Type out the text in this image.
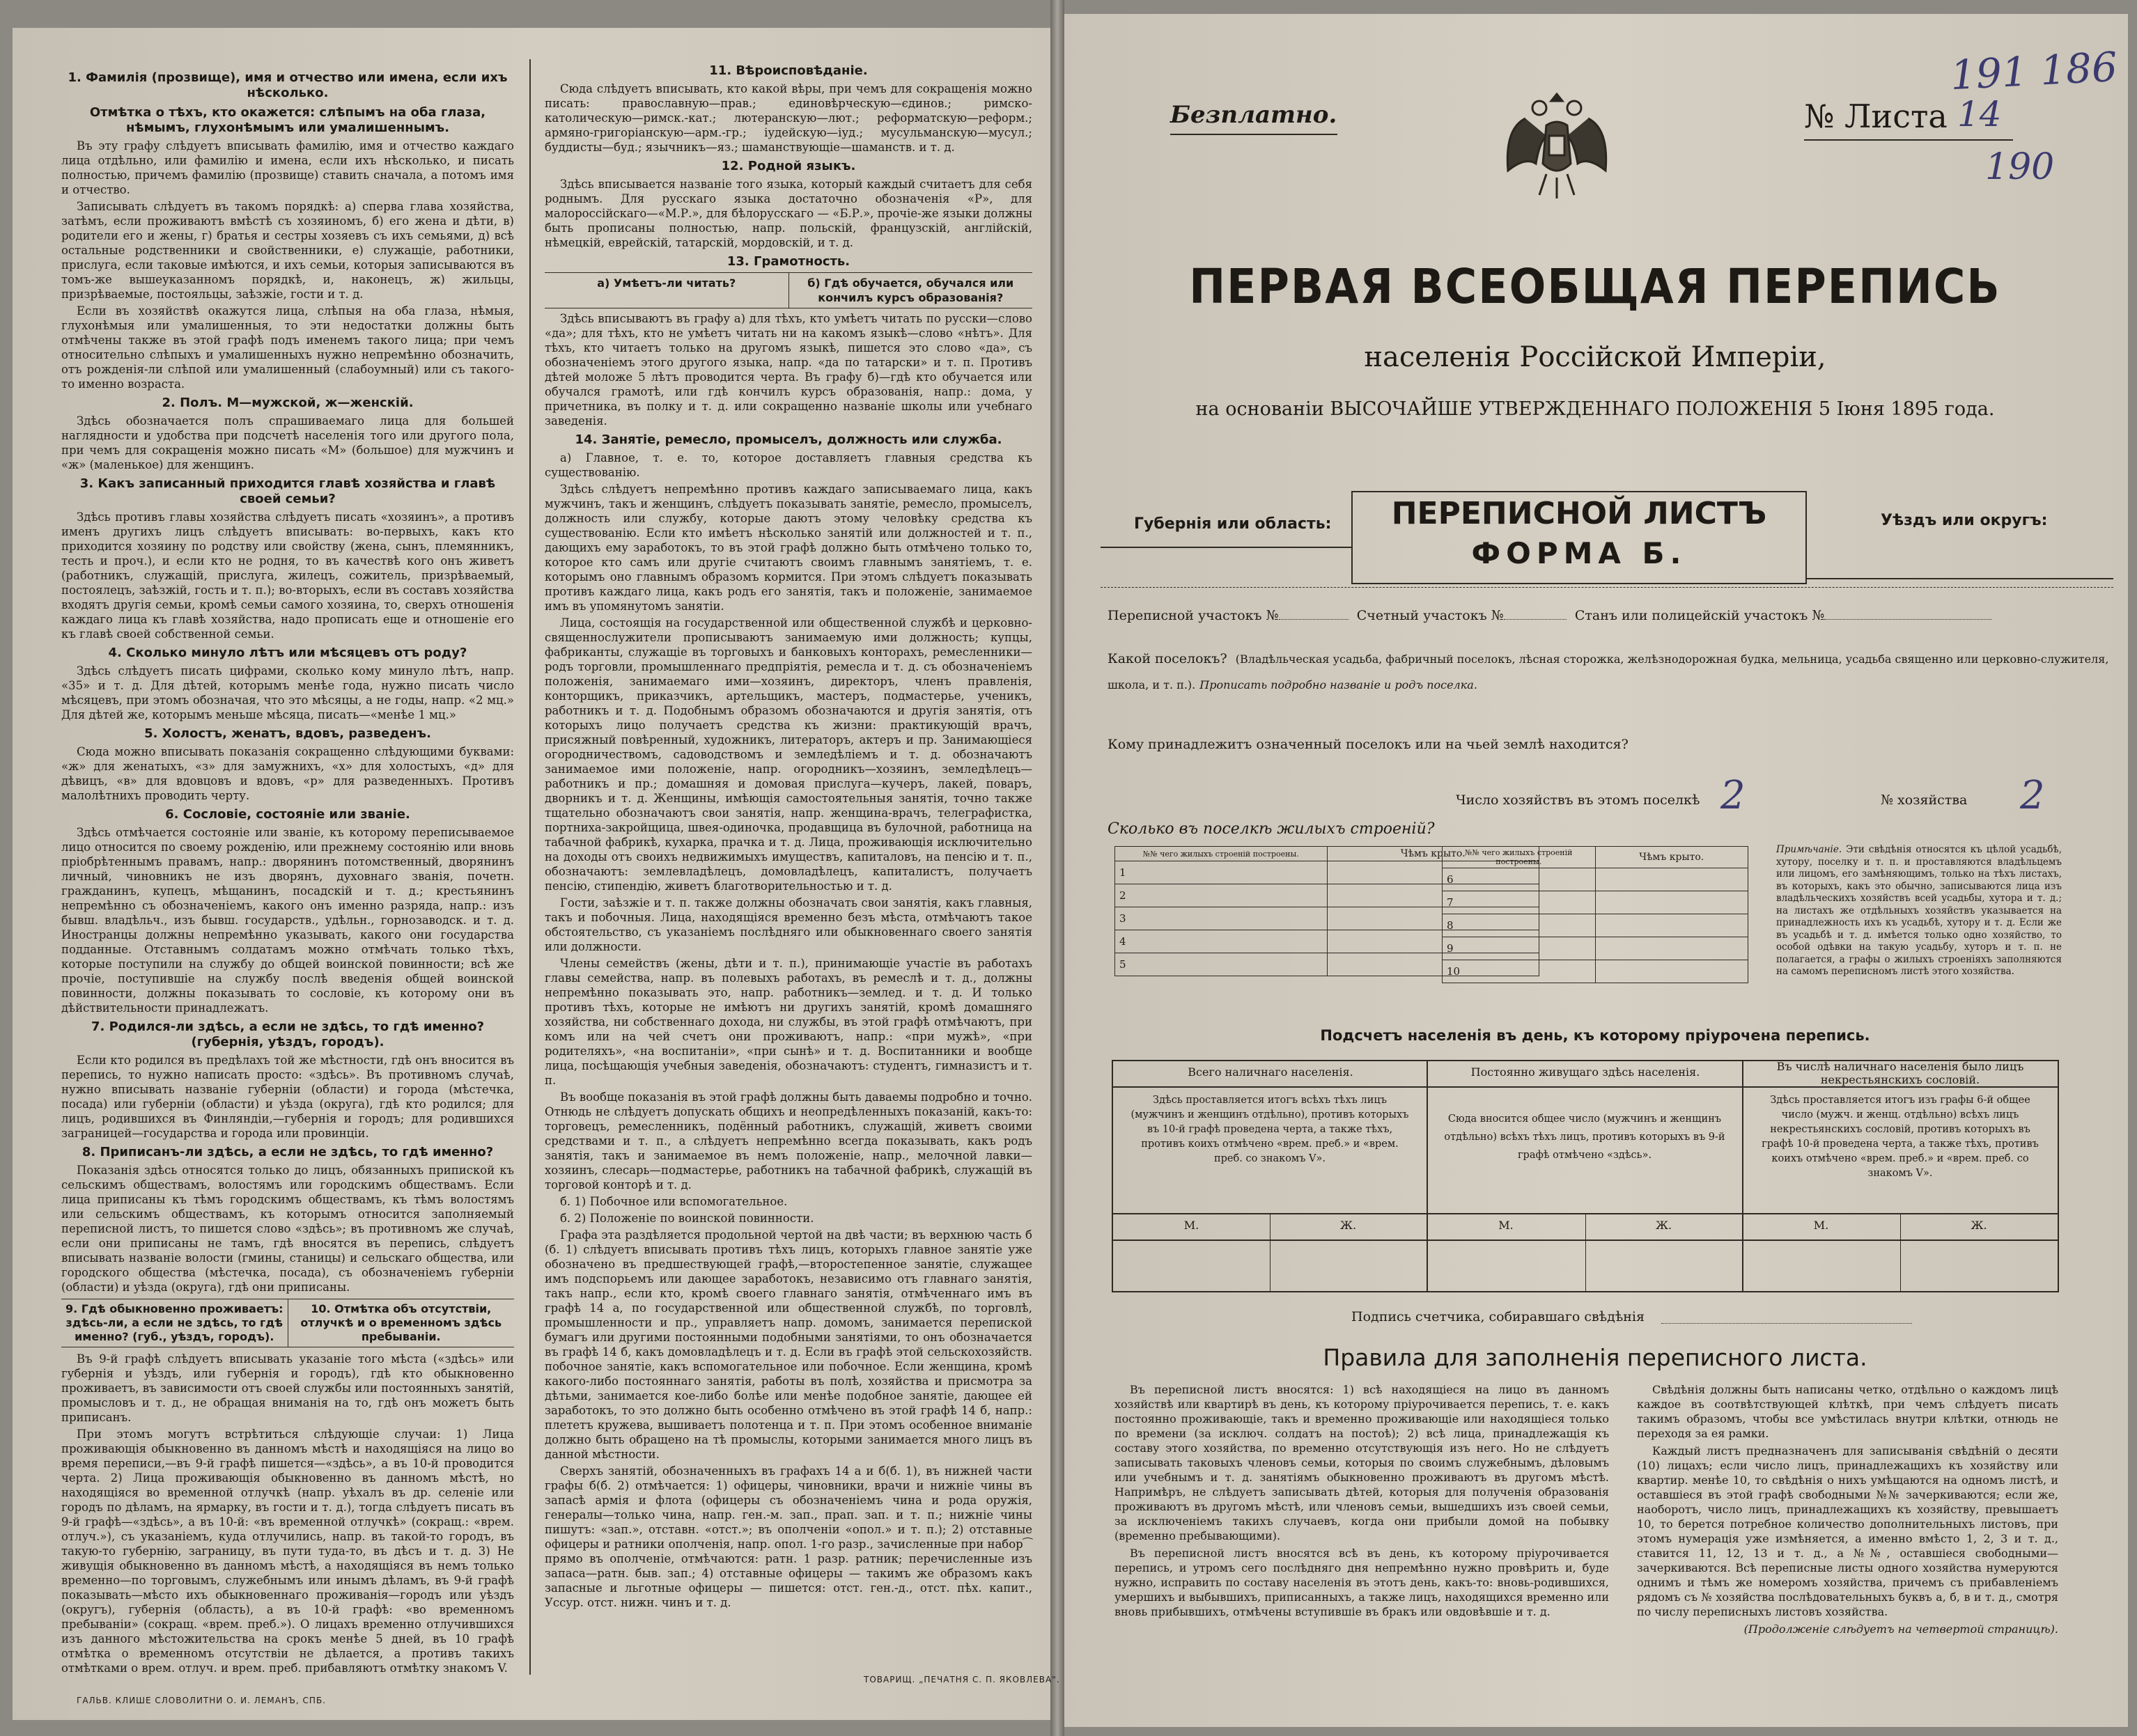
1. Фамилія (прозвище), имя и отчество или имена, если ихъ нѣсколько.
Отмѣтка о тѣхъ, кто окажется: слѣпымъ на оба глаза, нѣмымъ, глухонѣмымъ или умалишеннымъ.

Въ эту графу слѣдуетъ вписывать фамилію, имя и отчество каждаго лица отдѣльно, или фамилію и имена, если ихъ нѣсколько, и писать полностью, причемъ фамилію (прозвище) ставить сначала, а потомъ имя и отчество.

Записывать слѣдуетъ въ такомъ порядкѣ: а) сперва глава хозяйства, затѣмъ, если проживаютъ вмѣстѣ съ хозяиномъ, б) его жена и дѣти, в) родители его и жены, г) братья и сестры хозяевъ съ ихъ семьями, д) всѣ остальные родственники и свойственники, е) служащіе, работники, прислуга, если таковые имѣются, и ихъ семьи, которыя записываются въ томъ-же вышеуказанномъ порядкѣ, и, наконецъ, ж) жильцы, призрѣваемые, постояльцы, заѣзжіе, гости и т. д.

Если въ хозяйствѣ окажутся лица, слѣпыя на оба глаза, нѣмыя, глухонѣмыя или умалишенныя, то эти недостатки должны быть отмѣчены также въ этой графѣ подъ именемъ такого лица; при чемъ относительно слѣпыхъ и умалишенныхъ нужно непремѣнно обозначить, отъ рожденія-ли слѣпой или умалишенный (слабоумный) или съ такого-то именно возраста.

2. Полъ. М—мужской, ж—женскій.

Здѣсь обозначается полъ спрашиваемаго лица для большей наглядности и удобства при подсчетѣ населенія того или другого пола, при чемъ для сокращенія можно писать «М» (большое) для мужчинъ и «ж» (маленькое) для женщинъ.

3. Какъ записанный приходится главѣ хозяйства и главѣ своей семьи?

Здѣсь противъ главы хозяйства слѣдуетъ писать «хозяинъ», а противъ именъ другихъ лицъ слѣдуетъ вписывать: во-первыхъ, какъ кто приходится хозяину по родству или свойству (жена, сынъ, племянникъ, тесть и проч.), и если кто не родня, то въ качествѣ кого онъ живетъ (работникъ, служащій, прислуга, жилецъ, сожитель, призрѣваемый, постоялецъ, заѣзжій, гость и т. п.); во-вторыхъ, если въ составъ хозяйства входятъ другія семьи, кромѣ семьи самого хозяина, то, сверхъ отношенія каждаго лица къ главѣ хозяйства, надо прописать еще и отношеніе его къ главѣ своей собственной семьи.

4. Сколько минуло лѣтъ или мѣсяцевъ отъ роду?

Здѣсь слѣдуетъ писать цифрами, сколько кому минуло лѣтъ, напр. «35» и т. д. Для дѣтей, которымъ менѣе года, нужно писать число мѣсяцевъ, при этомъ обозначая, что это мѣсяцы, а не годы, напр. «2 мц.» Для дѣтей же, которымъ меньше мѣсяца, писать—«менѣе 1 мц.»

5. Холостъ, женатъ, вдовъ, разведенъ.

Сюда можно вписывать показанія сокращенно слѣдующими буквами: «ж» для женатыхъ, «з» для замужнихъ, «х» для холостыхъ, «д» для дѣвицъ, «в» для вдовцовъ и вдовъ, «р» для разведенныхъ. Противъ малолѣтнихъ проводить черту.

6. Сословіе, состояніе или званіе.

Здѣсь отмѣчается состояніе или званіе, къ которому переписываемое лицо относится по своему рожденію, или прежнему состоянію или вновь пріобрѣтеннымъ правамъ, напр.: дворянинъ потомственный, дворянинъ личный, чиновникъ не изъ дворянъ, духовнаго званія, почетн. гражданинъ, купецъ, мѣщанинъ, посадскій и т. д.; крестьянинъ непремѣнно съ обозначеніемъ, какого онъ именно разряда, напр.: изъ бывш. владѣльч., изъ бывш. государств., удѣльн., горнозаводск. и т. д. Иностранцы должны непремѣнно указывать, какого они государства подданные. Отставнымъ солдатамъ можно отмѣчать только тѣхъ, которые поступили на службу до общей воинской повинности; всѣ же прочіе, поступившіе на службу послѣ введенія общей воинской повинности, должны показывать то сословіе, къ которому они въ дѣйствительности принадлежатъ.

7. Родился-ли здѣсь, а если не здѣсь, то гдѣ именно? (губернія, уѣздъ, городъ).

Если кто родился въ предѣлахъ той же мѣстности, гдѣ онъ вносится въ перепись, то нужно написать просто: «здѣсь». Въ противномъ случаѣ, нужно вписывать названіе губерніи (области) и города (мѣстечка, посада) или губерніи (области) и уѣзда (округа), гдѣ кто родился; для лицъ, родившихся въ Финляндіи,—губернія и городъ; для родившихся заграницей—государства и города или провинціи.

8. Приписанъ-ли здѣсь, а если не здѣсь, то гдѣ именно?

Показанія здѣсь относятся только до лицъ, обязанныхъ припиской къ сельскимъ обществамъ, волостямъ или городскимъ обществамъ. Если лица приписаны къ тѣмъ городскимъ обществамъ, къ тѣмъ волостямъ или сельскимъ обществамъ, къ которымъ относится заполняемый переписной листъ, то пишется слово «здѣсь»; въ противномъ же случаѣ, если они приписаны не тамъ, гдѣ вносятся въ перепись, слѣдуетъ вписывать названіе волости (гмины, станицы) и сельскаго общества, или городского общества (мѣстечка, посада), съ обозначеніемъ губерніи (области) и уѣзда (округа), гдѣ они приписаны.

9. Гдѣ обыкновенно проживаетъ: здѣсь-ли, а если не здѣсь, то гдѣ именно? (губ., уѣздъ, городъ).
10. Отмѣтка объ отсутствіи, отлучкѣ и о временномъ здѣсь пребываніи.

Въ 9-й графѣ слѣдуетъ вписывать указаніе того мѣста («здѣсь» или губернія и уѣздъ, или губернія и городъ), гдѣ кто обыкновенно проживаетъ, въ зависимости отъ своей службы или постоянныхъ занятій, промысловъ и т. д., не обращая вниманія на то, гдѣ онъ можетъ быть приписанъ.

При этомъ могутъ встрѣтиться слѣдующіе случаи: 1) Лица проживающія обыкновенно въ данномъ мѣстѣ и находящіяся на лицо во время переписи,—въ 9-й графѣ пишется—«здѣсь», а въ 10-й проводится черта. 2) Лица проживающія обыкновенно въ данномъ мѣстѣ, но находящіяся во временной отлучкѣ (напр. уѣхалъ въ др. селеніе или городъ по дѣламъ, на ярмарку, въ гости и т. д.), тогда слѣдуетъ писать въ 9-й графѣ—«здѣсь», а въ 10-й: «въ временной отлучкѣ» (сокращ.: «врем. отлуч.»), съ указаніемъ, куда отлучились, напр. въ такой-то городъ, въ такую-то губернію, заграницу, въ пути туда-то, въ дѣсъ и т. д. 3) Не живущія обыкновенно въ данномъ мѣстѣ, а находящіяся въ немъ только временно—по торговымъ, служебнымъ или инымъ дѣламъ, въ 9-й графѣ показывать—мѣсто ихъ обыкновеннаго проживанія—городъ или уѣздъ (округъ), губернія (область), а въ 10-й графѣ: «во временномъ пребываніи» (сокращ. «врем. преб.»). О лицахъ временно отлучившихся изъ данного мѣстожительства на срокъ менѣе 5 дней, въ 10 графѣ отмѣтка о временномъ отсутствіи не дѣлается, а противъ такихъ отмѣтками о врем. отлуч. и врем. преб. прибавляютъ отмѣтку знакомъ V.

11. Вѣроисповѣданіе.

Сюда слѣдуетъ вписывать, кто какой вѣры, при чемъ для сокращенія можно писать: православную—прав.; единовѣрческую—єдинов.; римско-католическую—римск.-кат.; лютеранскую—лют.; реформатскую—реформ.; армяно-григоріанскую—арм.-гр.; іудейскую—іуд.; мусульманскую—мусул.; буддисты—буд.; язычникъ—яз.; шаманствующіе—шаманств. и т. д.

12. Родной языкъ.

Здѣсь вписывается названіе того языка, который каждый считаетъ для себя роднымъ. Для русскаго языка достаточно обозначенія «Р», для малороссійскаго—«М.Р.», для бѣлорусскаго — «Б.Р.», прочіе-же языки должны быть прописаны полностью, напр. польскій, французскій, англійскій, нѣмецкій, еврейскій, татарскій, мордовскій, и т. д.

13. Грамотность.
а) Умѣетъ-ли читать?	б) Гдѣ обучается, обучался или кончилъ курсъ образованія?

Здѣсь вписываютъ въ графу а) для тѣхъ, кто умѣетъ читать по русски—слово «да»; для тѣхъ, кто не умѣетъ читать ни на какомъ языкѣ—слово «нѣтъ». Для тѣхъ, кто читаетъ только на другомъ языкѣ, пишется это слово «да», съ обозначеніемъ этого другого языка, напр. «да по татарски» и т. п. Противъ дѣтей моложе 5 лѣтъ проводится черта. Въ графу б)—гдѣ кто обучается или обучался грамотѣ, или гдѣ кончилъ курсъ образованія, напр.: дома, у причетника, въ полку и т. д. или сокращенно названіе школы или учебнаго заведенія.

14. Занятіе, ремесло, промыселъ, должность или служба.

а) Главное, т. е. то, которое доставляетъ главныя средства къ существованію.

Здѣсь слѣдуетъ непремѣнно противъ каждаго записываемаго лица, какъ мужчинъ, такъ и женщинъ, слѣдуетъ показывать занятіе, ремесло, промыселъ, должность или службу, которые даютъ этому человѣку средства къ существованію. Если кто имѣетъ нѣсколько занятій или должностей и т. п., дающихъ ему заработокъ, то въ этой графѣ должно быть отмѣчено только то, которое кто самъ или другіе считаютъ своимъ главнымъ занятіемъ, т. е. которымъ оно главнымъ образомъ кормится. При этомъ слѣдуетъ показывать противъ каждаго лица, какъ родъ его занятія, такъ и положеніе, занимаемое имъ въ упомянутомъ занятіи.

Лица, состоящія на государственной или общественной службѣ и церковно-священнослужители прописываютъ занимаемую ими должность; купцы, фабриканты, служащіе въ торговыхъ и банковыхъ конторахъ, ремесленники—родъ торговли, промышленнаго предпріятія, ремесла и т. д. съ обозначеніемъ положенія, занимаемаго ими—хозяинъ, директоръ, членъ правленія, конторщикъ, приказчикъ, артельщикъ, мастеръ, подмастерье, ученикъ, работникъ и т. д. Подобнымъ образомъ обозначаются и другія занятія, отъ которыхъ лицо получаетъ средства къ жизни: практикующій врачъ, присяжный повѣренный, художникъ, литераторъ, актеръ и пр. Занимающіеся огородничествомъ, садоводствомъ и земледѣліемъ и т. д. обозначаютъ занимаемое ими положеніе, напр. огородникъ—хозяинъ, земледѣлецъ—работникъ и пр.; домашняя и домовая прислуга—кучеръ, лакей, поваръ, дворникъ и т. д. Женщины, имѣющія самостоятельныя занятія, точно также тщательно обозначаютъ свои занятія, напр. женщина-врачъ, телеграфистка, портниха-закройщица, швея-одиночка, продавщица въ булочной, работница на табачной фабрикѣ, кухарка, прачка и т. д. Лица, проживающія исключительно на доходы отъ своихъ недвижимыхъ имуществъ, капиталовъ, на пенсію и т. п., обозначаютъ: землевладѣлецъ, домовладѣлецъ, капиталистъ, получаетъ пенсію, стипендію, живетъ благотворительностью и т. д.

Гости, заѣзжіе и т. п. также должны обозначать свои занятія, какъ главныя, такъ и побочныя. Лица, находящіяся временно безъ мѣста, отмѣчаютъ такое обстоятельство, съ указаніемъ послѣдняго или обыкновеннаго своего занятія или должности.

Члены семействъ (жены, дѣти и т. п.), принимающіе участіе въ работахъ главы семейства, напр. въ полевыхъ работахъ, въ ремеслѣ и т. д., должны непремѣнно показывать это, напр. работникъ—землед. и т. д. И только противъ тѣхъ, которые не имѣютъ ни другихъ занятій, кромѣ домашняго хозяйства, ни собственнаго дохода, ни службы, въ этой графѣ отмѣчаютъ, при комъ или на чей счетъ они проживаютъ, напр.: «при мужѣ», «при родителяхъ», «на воспитаніи», «при сынѣ» и т. д. Воспитанники и вообще лица, посѣщающія учебныя заведенія, обозначаютъ: студентъ, гимназистъ и т. п.

Въ вообще показанія въ этой графѣ должны быть даваемы подробно и точно. Отнюдь не слѣдуетъ допускать общихъ и неопредѣленныхъ показаній, какъ-то: торговецъ, ремесленникъ, подённый работникъ, служащій, живетъ своими средствами и т. п., а слѣдуетъ непремѣнно всегда показывать, какъ родъ занятія, такъ и занимаемое въ немъ положеніе, напр., мелочной лавки—хозяинъ, слесарь—подмастерье, работникъ на табачной фабрикѣ, служащій въ торговой конторѣ и т. д.

б. 1) Побочное или вспомогательное.

б. 2) Положеніе по воинской повинности.

Графа эта раздѣляется продольной чертой на двѣ части; въ верхнюю часть б (б. 1) слѣдуетъ вписывать противъ тѣхъ лицъ, которыхъ главное занятіе уже обозначено въ предшествующей графѣ,—второстепенное занятіе, служащее имъ подспорьемъ или дающее заработокъ, независимо отъ главнаго занятія, такъ напр., если кто, кромѣ своего главнаго занятія, отмѣченнаго имъ въ графѣ 14 а, по государственной или общественной службѣ, по торговлѣ, промышленности и пр., управляетъ напр. домомъ, занимается перепиской бумагъ или другими постоянными подобными занятіями, то онъ обозначается въ графѣ 14 б, какъ домовладѣлецъ и т. д. Если въ графѣ этой сельскохозяйств. побочное занятіе, какъ вспомогательное или побочное. Если женщина, кромѣ какого-либо постояннаго занятія, работы въ полѣ, хозяйства и присмотра за дѣтьми, занимается кое-либо болѣе или менѣе подобное занятіе, дающее ей заработокъ, то это должно быть особенно отмѣчено въ этой графѣ 14 б, напр.: плететъ кружева, вышиваетъ полотенца и т. п. При этомъ особенное вниманіе должно быть обращено на тѣ промыслы, которыми занимается много лицъ въ данной мѣстности.

Сверхъ занятій, обозначенныхъ въ графахъ 14 а и б(б. 1), въ нижней части графы б(б. 2) отмѣчается: 1) офицеры, чиновники, врачи и нижніе чины въ запасѣ армія и флота (офицеры съ обозначеніемъ чина и рода оружія, генералы—только чина, напр. ген.-м. зап., прап. зап. и т. п.; нижніе чины пишутъ: «зап.», отставн. «отст.»; въ ополченіи «опол.» и т. п.); 2) отставные офицеры и ратники ополченія, напр. опол. 1-го разр., зачисленные при набор⁀ прямо въ ополченіе, отмѣчаются: ратн. 1 разр. ратник; перечисленные изъ запаса—ратн. быв. зап.; 4) отставные офицеры — такимъ же образомъ какъ запасные и льготные офицеры — пишется: отст. ген.-д., отст. пѣх. капит., Уссур. отст. нижн. чинъ и т. д.

ГАЛЬВ. КЛИШЕ СЛОВОЛИТНИ О. И. ЛЕМАНЪ, СПБ.
ТОВАРИЩ. „ПЕЧАТНЯ С. П. ЯКОВЛЕВА".
191 186
Безплатно.	№ Листа 14
190
ПЕРВАЯ ВСЕОБЩАЯ ПЕРЕПИСЬ
населенія Россійской Имперіи,
на основаніи ВЫСОЧАЙШЕ УТВЕРЖДЕННАГО ПОЛОЖЕНІЯ 5 Іюня 1895 года.
Губернія или область:	ПЕРЕПИСНОЙ ЛИСТЪ
ФОРМА Б.
Уѣздъ или округъ:
Переписной участокъ №	Счетный участокъ №	Станъ или полицейскій участокъ №
Какой поселокъ? (Владѣльческая усадьба, фабричный поселокъ, лѣсная сторожка, желѣзнодорожная будка, мельница, усадьба священно или церковно-служителя, школа, и т. п.). Прописать подробно названіе и родъ поселка.
Кому принадлежитъ означенный поселокъ или на чьей землѣ находится?
Число хозяйствъ въ этомъ поселкѣ 2	№ хозяйства 2
Сколько въ поселкѣ жилыхъ строеній?
№№ чего жилыхъ строеній построены.	Чѣмъ крыто.
1	
2	
3	
4	
5	
№№ чего жилыхъ строеній построены.	Чѣмъ крыто.
6	
7	
8	
9	
10	
Примѣчаніе. Эти свѣдѣнія относятся къ цѣлой усадьбѣ, хутору, поселку и т. п. и проставляются владѣльцемъ или лицомъ, его замѣняющимъ, только на тѣхъ листахъ, въ которыхъ, какъ это обычно, записываются лица изъ владѣльческихъ хозяйствъ всей усадьбы, хутора и т. д.; на листахъ же отдѣльныхъ хозяйствъ указывается на принадлежность ихъ къ усадьбѣ, хутору и т. д. Если же въ усадьбѣ и т. д. имѣется только одно хозяйство, то особой одѣвки на такую усадьбу, хуторъ и т. п. не полагается, а графы о жилыхъ строеніяхъ заполняются на самомъ переписномъ листѣ этого хозяйства.
Подсчетъ населенія въ день, къ которому пріурочена перепись.
Всего наличнаго населенія.	Постоянно живущаго здѣсь населенія.	Въ числѣ наличнаго населенія было лицъ некрестьянскихъ сословій.
Здѣсь проставляется итогъ всѣхъ тѣхъ лицъ (мужчинъ и женщинъ отдѣльно), противъ которыхъ въ 10-й графѣ проведена черта, а также тѣхъ, противъ коихъ отмѣчено «врем. преб.» и «врем. преб. со знакомъ V».
Сюда вносится общее число (мужчинъ и женщинъ отдѣльно) всѣхъ тѣхъ лицъ, противъ которыхъ въ 9-й графѣ отмѣчено «здѣсь».
Здѣсь проставляется итогъ изъ графы 6-й общее число (мужч. и женщ. отдѣльно) всѣхъ лицъ некрестьянскихъ сословій, противъ которыхъ въ графѣ 10-й проведена черта, а также тѣхъ, противъ коихъ отмѣчено «врем. преб.» и «врем. преб. со знакомъ V».
М.	Ж.	М.	Ж.	М.	Ж.
Подпись счетчика, собиравшаго свѣдѣнія
Правила для заполненія переписного листа.

Въ переписной листъ вносятся: 1) всѣ находящіеся на лицо въ данномъ хозяйствѣ или квартирѣ въ день, къ которому пріурочивается перепись, т. е. какъ постоянно проживающіе, такъ и временно проживающіе или находящіеся только по времени (за исключ. солдатъ на постоѣ); 2) всѣ лица, принадлежащія къ составу этого хозяйства, по временно отсутствующія изъ него. Но не слѣдуетъ записывать таковыхъ членовъ семьи, которыя по своимъ служебнымъ, дѣловымъ или учебнымъ и т. д. занятіямъ обыкновенно проживаютъ въ другомъ мѣстѣ. Напримѣръ, не слѣдуетъ записывать дѣтей, которыя для полученія образованія проживаютъ въ другомъ мѣстѣ, или членовъ семьи, вышедшихъ изъ своей семьи, за исключеніемъ такихъ случаевъ, когда они прибыли домой на побывку (временно пребывающими).

Въ переписной листъ вносятся всѣ въ день, къ которому пріурочивается перепись, и утромъ сего послѣдняго дня непремѣнно нужно провѣрить и, буде нужно, исправить по составу населенія въ этотъ день, какъ-то: вновь-родившихся, умершихъ и выбывшихъ, приписанныхъ, а также лицъ, находящихся временно или вновь прибывшихъ, отмѣчены вступившіе въ бракъ или овдовѣвшіе и т. д.

Свѣдѣнія должны быть написаны четко, отдѣльно о каждомъ лицѣ каждое въ соотвѣтствующей клѣткѣ, при чемъ слѣдуетъ писать такимъ образомъ, чтобы все умѣстилась внутри клѣтки, отнюдь не переходя за ея рамки.

Каждый листъ предназначенъ для записыванія свѣдѣній о десяти (10) лицахъ; если число лицъ, принадлежащихъ къ хозяйству или квартир. менѣе 10, то свѣдѣнія о нихъ умѣщаются на одномъ листѣ, и оставшіеся въ этой графѣ свободными №№ зачеркиваются; если же, наоборотъ, число лицъ, принадлежащихъ къ хозяйству, превышаетъ 10, то берется потребное количество дополнительныхъ листовъ, при этомъ нумерація уже измѣняется, а именно вмѣсто 1, 2, 3 и т. д., ставится 11, 12, 13 и т. д., а №№, оставшіеся свободными—зачеркиваются. Всѣ переписные листы одного хозяйства нумеруются однимъ и тѣмъ же номеромъ хозяйства, причемъ съ прибавленіемъ рядомъ съ № хозяйства послѣдовательныхъ буквъ а, б, в и т. д., смотря по числу переписныхъ листовъ хозяйства.

(Продолженіе слѣдуетъ на четвертой страницѣ).
